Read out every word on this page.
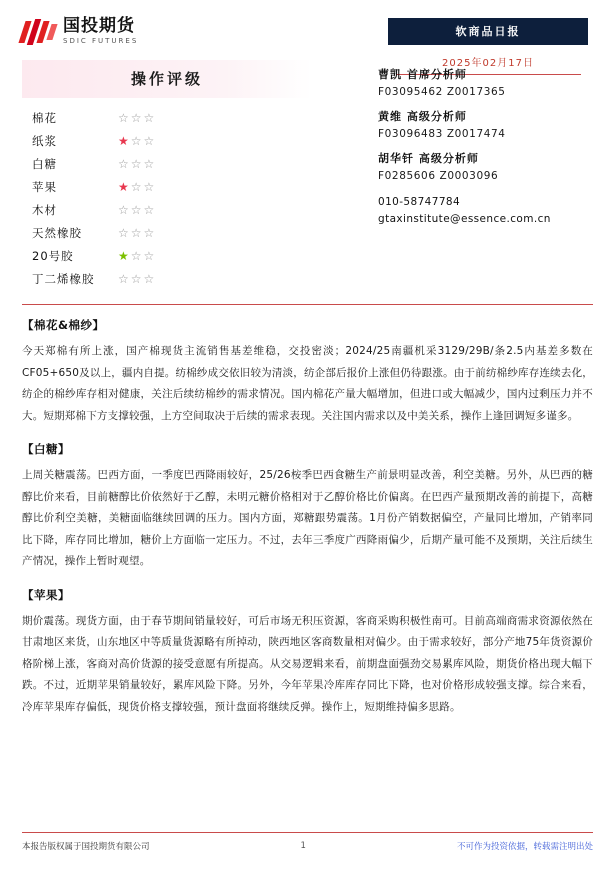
国投期货
SDIC FUTURES
软商品日报
2025年02月17日
操作评级
棉花	☆☆☆
纸浆	★☆☆
白糖	☆☆☆
苹果	★☆☆
木材	☆☆☆
天然橡胶	☆☆☆
20号胶	★☆☆
丁二烯橡胶	☆☆☆
曹凯 首席分析师
F03095462 Z0017365
黄维 高级分析师
F03096483 Z0017474
胡华钎 高级分析师
F0285606 Z0003096
010-58747784
gtaxinstitute@essence.com.cn
【棉花&棉纱】
今天郑棉有所上涨，国产棉现货主流销售基差维稳，交投密淡；2024/25南疆机采3129/29B/条2.5内基差多数在CF05+650及以上，疆内自提。纺棉纱成交依旧较为清淡，纺企部后报价上涨但仍待跟涨。由于前纺棉纱库存连续去化，纺企的棉纱库存相对健康，关注后续纺棉纱的需求情况。国内棉花产量大幅增加，但进口或大幅减少，国内过剩压力并不大。短期郑棉下方支撑较强，上方空间取决于后续的需求表现。关注国内需求以及中美关系，操作上逢回调短多谨多。
【白糖】
上周关糖震荡。巴西方面，一季度巴西降雨较好，25/26桉季巴西食糖生产前景明显改善，利空美糖。另外，从巴西的糖醇比价来看，目前糖醇比价依然好于乙醇，未明元糖价格相对于乙醇价格比价偏离。在巴西产量预期改善的前提下，高糖醇比价利空美糖，美糖面临继续回调的压力。国内方面，郑糖跟势震荡。1月份产销数据偏空，产量同比增加，产销率同比下降，库存同比增加，糖价上方面临一定压力。不过，去年三季度广西降雨偏少，后期产量可能不及预期，关注后续生产情况，操作上暂时观望。
【苹果】
期价震荡。现货方面，由于春节期间销量较好，可后市场无积压资源，客商采购积极性南可。目前高端商需求资源依然在甘肃地区来货，山东地区中等质量货源略有所掉动，陕西地区客商数量相对偏少。由于需求较好，部分产地75年货资源价格阶梯上涨，客商对高价货源的接受意愿有所提高。从交易逻辑来看，前期盘面强劲交易累库风险，期货价格出现大幅下跌。不过，近期苹果销量较好，累库风险下降。另外，今年苹果冷库库存同比下降，也对价格形成较强支撑。综合来看，冷库苹果库存偏低，现货价格支撑较强，预计盘面将继续反弹。操作上，短期维持偏多思路。
本报告版权属于国投期货有限公司	1	不可作为投资依据，转载需注明出处
